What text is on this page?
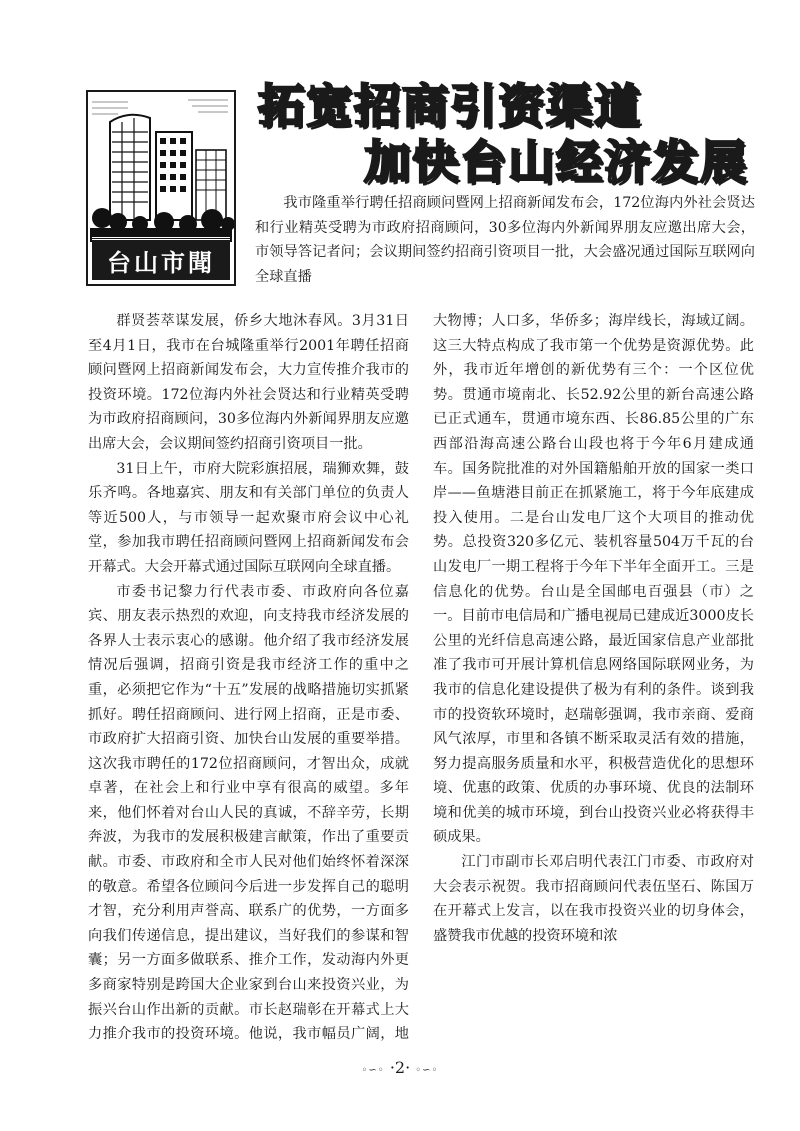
台山市聞
拓宽招商引资渠道
加快台山经济发展
我市隆重举行聘任招商顾问暨网上招商新闻发布会，172位海内外社会贤达和行业精英受聘为市政府招商顾问，30多位海内外新闻界朋友应邀出席大会，市领导答记者问；会议期间签约招商引资项目一批，大会盛况通过国际互联网向全球直播

群贤荟萃谋发展，侨乡大地沐春风。3月31日至4月1日，我市在台城隆重举行2001年聘任招商顾问暨网上招商新闻发布会，大力宣传推介我市的投资环境。172位海内外社会贤达和行业精英受聘为市政府招商顾问，30多位海内外新闻界朋友应邀出席大会，会议期间签约招商引资项目一批。

31日上午，市府大院彩旗招展，瑞狮欢舞，鼓乐齐鸣。各地嘉宾、朋友和有关部门单位的负责人等近500人，与市领导一起欢聚市府会议中心礼堂，参加我市聘任招商顾问暨网上招商新闻发布会开幕式。大会开幕式通过国际互联网向全球直播。

市委书记黎力行代表市委、市政府向各位嘉宾、朋友表示热烈的欢迎，向支持我市经济发展的各界人士表示衷心的感谢。他介绍了我市经济发展情况后强调，招商引资是我市经济工作的重中之重，必须把它作为“十五”发展的战略措施切实抓紧抓好。聘任招商顾问、进行网上招商，正是市委、市政府扩大招商引资、加快台山发展的重要举措。这次我市聘任的172位招商顾问，才智出众，成就卓著，在社会上和行业中享有很高的威望。多年来，他们怀着对台山人民的真诚，不辞辛劳，长期奔波，为我市的发展积极建言献策，作出了重要贡献。市委、市政府和全市人民对他们始终怀着深深的敬意。希望各位顾问今后进一步发挥自己的聪明才智，充分利用声誉高、联系广的优势，一方面多向我们传递信息，提出建议，当好我们的参谋和智囊；另一方面多做联系、推介工作，发动海内外更多商家特别是跨国大企业家到台山来投资兴业，为振兴台山作出新的贡献。市长赵瑞彰在开幕式上大力推介我市的投资环境。他说，我市幅员广阔，地大物博；人口多，华侨多；海岸线长，海域辽阔。这三大特点构成了我市第一个优势是资源优势。此外，我市近年增创的新优势有三个：一个区位优势。贯通市境南北、长52.92公里的新台高速公路已正式通车，贯通市境东西、长86.85公里的广东西部沿海高速公路台山段也将于今年6月建成通车。国务院批准的对外国籍船舶开放的国家一类口岸——鱼塘港目前正在抓紧施工，将于今年底建成投入使用。二是台山发电厂这个大项目的推动优势。总投资320多亿元、装机容量504万千瓦的台山发电厂一期工程将于今年下半年全面开工。三是信息化的优势。台山是全国邮电百强县（市）之一。目前市电信局和广播电视局已建成近3000皮长公里的光纤信息高速公路，最近国家信息产业部批准了我市可开展计算机信息网络国际联网业务，为我市的信息化建设提供了极为有利的条件。谈到我市的投资软环境时，赵瑞彰强调，我市亲商、爱商风气浓厚，市里和各镇不断采取灵活有效的措施，努力提高服务质量和水平，积极营造优化的思想环境、优惠的政策、优质的办事环境、优良的法制环境和优美的城市环境，到台山投资兴业必将获得丰硕成果。

江门市副市长邓启明代表江门市委、市政府对大会表示祝贺。我市招商顾问代表伍坚石、陈国万在开幕式上发言，以在我市投资兴业的切身体会，盛赞我市优越的投资环境和浓

◦∽◦ ·2· ◦∽◦
